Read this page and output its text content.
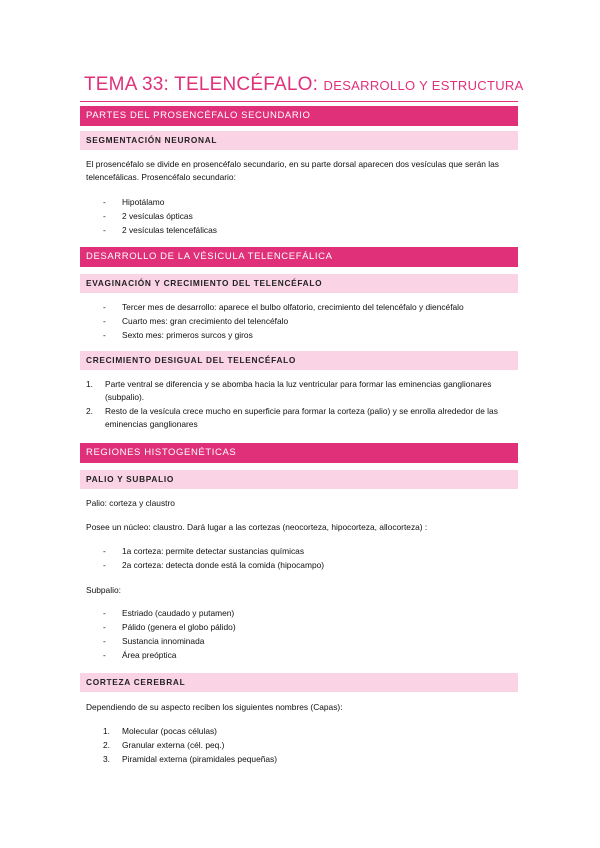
TEMA 33: TELENCÉFALO: DESARROLLO Y ESTRUCTURA
PARTES DEL PROSENCÉFALO SECUNDARIO
SEGMENTACIÓN NEURONAL
El prosencéfalo se divide en prosencéfalo secundario, en su parte dorsal aparecen dos vesículas que serán las telencefálicas. Prosencéfalo secundario:
- Hipotálamo
- 2 vesículas ópticas
- 2 vesículas telencefálicas
DESARROLLO DE LA VÉSICULA TELENCEFÁLICA
EVAGINACIÓN Y CRECIMIENTO DEL TELENCÉFALO
- Tercer mes de desarrollo: aparece el bulbo olfatorio, crecimiento del telencéfalo y diencéfalo
- Cuarto mes: gran crecimiento del telencéfalo
- Sexto mes: primeros surcos y giros
CRECIMIENTO DESIGUAL DEL TELENCÉFALO
1. Parte ventral se diferencia y se abomba hacia la luz ventricular para formar las eminencias ganglionares (subpalio).
2. Resto de la vesícula crece mucho en superficie para formar la corteza (palio) y se enrolla alrededor de las eminencias ganglionares
REGIONES HISTOGENÉTICAS
PALIO Y SUBPALIO
Palio: corteza y claustro
Posee un núcleo: claustro. Dará lugar a las cortezas (neocorteza, hipocorteza, allocorteza) :
- 1a corteza: permite detectar sustancias químicas
- 2a corteza: detecta donde está la comida (hipocampo)
Subpalio:
- Estriado (caudado y putamen)
- Pálido (genera el globo pálido)
- Sustancia innominada
- Área preóptica
CORTEZA CEREBRAL
Dependiendo de su aspecto reciben los siguientes nombres (Capas):
1. Molecular (pocas células)
2. Granular externa (cél. peq.)
3. Piramidal externa (piramidales pequeñas)
